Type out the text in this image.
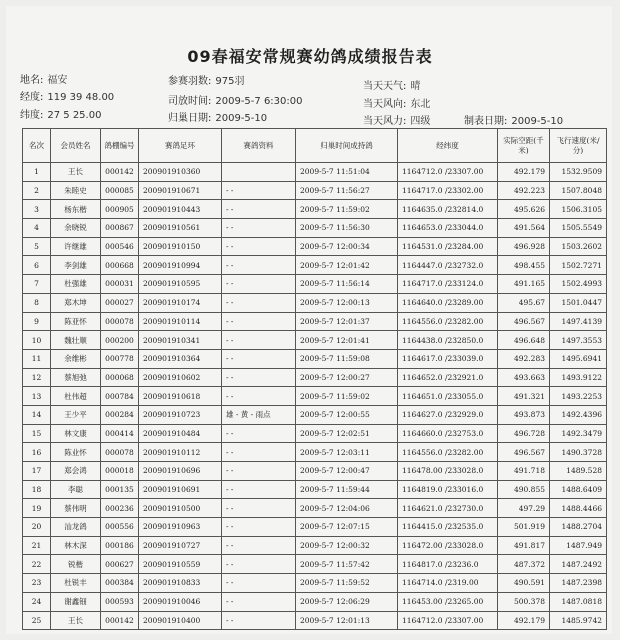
09春福安常规赛幼鸽成绩报告表
地名: 福安
经度: 119 39 48.00
纬度: 27 5 25.00
参赛羽数: 975羽
司放时间: 2009-5-7 6:30:00
归巢日期: 2009-5-10
当天天气: 晴
当天风向: 东北
当天风力: 四级	制表日期: 2009-5-10
名次	会员姓名	鸽棚编号	赛鸽足环	赛鸽资料	归巢时间成持鸽	经纬度	实际空距(千米)	飞行速度(米/分)
1	王长	000142	200901910360		2009-5-7 11:51:04	1164712.0 /23307.00	492.179	1532.9509
2	朱睦史	000085	200901910671	- -	2009-5-7 11:56:27	1164717.0 /23302.00	492.223	1507.8048
3	杨东楷	000905	200901910443	- -	2009-5-7 11:59:02	1164635.0 /232814.0	495.626	1506.3105
4	余晓锐	000867	200901910561	- -	2009-5-7 11:56:30	1164653.0 /233044.0	491.564	1505.5549
5	许继雄	000546	200901910150	- -	2009-5-7 12:00:34	1164531.0 /23284.00	496.928	1503.2602
6	李剑雄	000668	200901910994	- -	2009-5-7 12:01:42	1164447.0 /232732.0	498.455	1502.7271
7	杜强雄	000031	200901910595	- -	2009-5-7 11:56:14	1164717.0 /233124.0	491.165	1502.4993
8	郑木坤	000027	200901910174	- -	2009-5-7 12:00:13	1164640.0 /23289.00	495.67	1501.0447
9	陈亚怀	000078	200901910114	- -	2009-5-7 12:01:37	1164556.0 /23282.00	496.567	1497.4139
10	魏壮顺	000200	200901910341	- -	2009-5-7 12:01:41	1164438.0 /232850.0	496.648	1497.3553
11	余维彬	000778	200901910364	- -	2009-5-7 11:59:08	1164617.0 /233039.0	492.283	1495.6941
12	蔡旭弛	000068	200901910602	- -	2009-5-7 12:00:27	1164652.0 /232921.0	493.663	1493.9122
13	杜伟超	000784	200901910618	- -	2009-5-7 11:59:02	1164651.0 /233055.0	491.321	1493.2253
14	王少平	000284	200901910723	雄 - 黄 - 雨点	2009-5-7 12:00:55	1164627.0 /232929.0	493.873	1492.4396
15	林文康	000414	200901910484	- -	2009-5-7 12:02:51	1164660.0 /232753.0	496.728	1492.3479
16	陈业怀	000078	200901910112	- -	2009-5-7 12:03:11	1164556.0 /23282.00	496.567	1490.3728
17	郑会鸿	000018	200901910696	- -	2009-5-7 12:00:47	116478.00 /233028.0	491.718	1489.528
18	李聪	000135	200901910691	- -	2009-5-7 11:59:44	1164819.0 /233016.0	490.855	1488.6409
19	蔡伟明	000236	200901910500	- -	2009-5-7 12:04:06	1164621.0 /232730.0	497.29	1488.4466
20	汕龙鸽	000556	200901910963	- -	2009-5-7 12:07:15	1164415.0 /232535.0	501.919	1488.2704
21	林木深	000186	200901910727	- -	2009-5-7 12:00:32	116472.00 /233028.0	491.817	1487.949
22	锐楷	000627	200901910559	- -	2009-5-7 11:57:42	1164817.0 /23236.0	487.372	1487.2492
23	杜锐丰	000384	200901910833	- -	2009-5-7 11:59:52	1164714.0 /2319.00	490.591	1487.2398
24	谢鑫钿	000593	200901910046	- -	2009-5-7 12:06:29	116453.00 /23265.00	500.378	1487.0818
25	王长	000142	200901910400	- -	2009-5-7 12:01:13	1164712.0 /23307.00	492.179	1485.9742
